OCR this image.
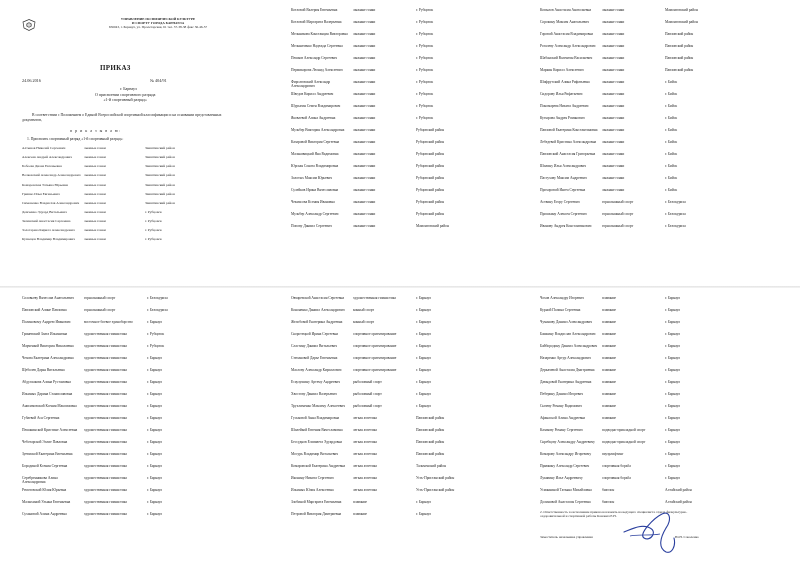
УПРАВЛЕНИЕ ПО ФИЗИЧЕСКОЙ КУЛЬТУРЕ
И СПОРТУ ГОРОДА БАРНАУЛА
656043, г. Барнаул, ул. Пролетарская, 61 тел. 37-38-38 факс 36-46-57
ПРИКАЗ
24.06.2016	№ 404/91
г. Барнаул
О присвоении спортивного разряда
«1-й спортивный разряд»
В соответствии с Положением о Единой Всероссийской спортивной классификации и на основании представленных документов,
п р и к а з ы в а ю:
1. Присвоить спортивный разряд «1-й спортивный разряд»:
Алтынов Николай Сергеевич	лыжные гонки	Заиштинский район
Алексеев Андрей Александрович	лыжные гонки	Заиштинский район
Бобоева Диана Евгеньевна	лыжные гонки	Заиштинский район
Волковский Александр Александрович	лыжные гонки	Заиштинский район
Комаровская Татьяна Юрьевна	лыжные гонки	Заиштинский район
Гришко Илья Евгеньевич	лыжные гонки	Заиштинский район
Симоненко Владислав Александрович	лыжные гонки	Заиштинский район
Демченко Эдуард Витальевич	лыжные гонки	г. Рубцовск
Зелинский Анастасия Сергеевна	лыжные гонки	г. Рубцовск
Золотарева Кирилл Александрович	лыжные гонки	г. Рубцовск
Кузнецов Владимир Владимирович	лыжные гонки	г. Рубцовск
Котловой Валерия Евгеньевна	лыжные гонки	г. Рубцовск
Котловой Маргарита Валерьевна	лыжные гонки	г. Рубцовск
Мельникова Констанция Викторовна	лыжные гонки	г. Рубцовск
Мельниченко Надежда Сергеевна	лыжные гонки	г. Рубцовск
Пешков Александр Сергеевич	лыжные гонки	г. Рубцовск
Пермикорова Леонид Алексеевич	лыжные гонки	г. Рубцовск
Фирсатовский Александр Александрович
лыжные гонки	г. Рубцовск
Шведов Кирилл Андреевич	лыжные гонки	г. Рубцовск
Шурыгин Семен Владимирович	лыжные гонки	г. Рубцовск
Яковлевой Алина Андреевна	лыжные гонки	г. Рубцовск
Мульбер Виктория Александровна	лыжные гонки	Рубцовский район
Казаровой Виктория Сергеевна	лыжные гонки	Рубцовский район
Мальковицкий Яна Вадимовна	лыжные гонки	Рубцовский район
Юрская Соната Владимировна	лыжные гонки	Рубцовский район
Золотых Максим Юрьевич	лыжные гонки	Рубцовский район
Сулейков Ирина Вячеславовна	лыжные гонки	Рубцовский район
Чекмасова Ксения Ивановна	лыжные гонки	Рубцовский район
Мульбер Александр Сергеевич	лыжные гонки	Рубцовский район
Попову Даниил Сергеевич	лыжные гонки	Мамонтовский район
Копылов Анастасия Анатольевна	лыжные гонки	Мамонтовский район
Сорокину Максим Анатольевич	лыжные гонки	Мамонтовский район
Горовой Анастасия Владимировна	лыжные гонки	Павловский район
Рогалеву Александр Александрович	лыжные гонки	Павловский район
Шабанский Валентин Васильевич	лыжные гонки	Павловский район
Маркин Кирилл Алексеевич	лыжные гонки	Павловский район
Шифрутский Алина Рифатьевна	лыжные гонки	г. Бийск
Сидорову Илья Рифатьевич	лыжные гонки	г. Бийск
Пономарева Никита Андреевич	лыжные гонки	г. Бийск
Кутырова Андрея Романович	лыжные гонки	г. Бийск
Павловой Екатерина Константиновна лыжные гонки	г. Бийск
Лебедевой Кристина Александровна	лыжные гонки	г. Бийск
Павловский Анастасия Григорьевна	лыжные гонки	г. Бийск
Шилину Илья Александрович	лыжные гонки	г. Бийск
Пастухову Максим Андреевич	лыжные гонки	г. Бийск
Прохоровой Ингеа Сергеевна	лыжные гонки	г. Бийск
Аствину Егору Сергеевич	горнолыжный спорт	г. Белокуриха
Прошкину Алексея Сергеевич	горнолыжный спорт	г. Белокуриха
Иванову Андрея Константинович	горнолыжный спорт	г. Белокуриха
Соловьеву Вячеслав Анатольевич	горнолыжный спорт	г. Белокуриха
Павловский Алине Павловна	горнолыжный спорт	г. Белокуриха
Полиновому Андрею Иванович	восточное боевое единоборство	г. Барнаул
Гриневский Злата Ильинична	художественная гимнастика	г. Рубцовск
Марченкой Виктория Николаевна	художественная гимнастика	г. Рубцовск
Чехова Екатерина Александровна	художественная гимнастика	г. Барнаул
Щеболев Дарья Витальевна	художественная гимнастика	г. Барнаул
Абдулхакова Алина Рустамовна	художественная гимнастика	г. Барнаул
Ильиных Дарина Станиславовна	художественная гимнастика	г. Барнаул
Анисимовской Ксения Максимовна	художественная гимнастика	г. Барнаул
Губаевой Ася Сергеевна	художественная гимнастика	г. Барнаул
Пешакинской Кристине Алексеевна	художественная гимнастика	г. Барнаул
Чеботарской Эллие Павловна	художественная гимнастика	г. Барнаул
Зуевиской Екатерина Евгеньевна	художественная гимнастика	г. Барнаул
Бородиной Ксения Сергеевна	художественная гимнастика	г. Барнаул
Серебренникова Алина Александровна
художественная гимнастика	г. Барнаул
Ремотовской Юлия Юрьевна	художественная гимнастика	г. Барнаул
Малыхиной Ульяна Евгеньевна	художественная гимнастика	г. Барнаул
Сухановой Алина Андреевна	художественная гимнастика	г. Барнаул
Овчаревской Анастасия Сергеевна	художественная гимнастика	г. Барнаул
Кононенко Даниил Александрович	конный спорт	г. Барнаул
Желобовой Екатерина Андреевна	конный спорт	г. Барнаул
Скоротецкой Ирина Сергеевна	спортивное ориентирование	г. Барнаул
Сластину Даниил Витальевич	спортивное ориентирование	г. Барнаул
Степановой Дарье Евгеньевна	спортивное ориентирование	г. Барнаул
Маслову Александр Кириллович	спортивное ориентирование	г. Барнаул
Есаулушину Артему Андреевич	рыболовный спорт	г. Барнаул
Хвостову Даниил Валерьевич	рыболовный спорт	г. Барнаул
Трухлименко Максиму Алексеевич	рыболовный спорт	г. Барнаул
Гуськовой Анна Владимировна	легкая атлетика	Павловский район
Шилейкой Евгения Вячеславовна	легкая атлетика	Павловский район
Бессуднов Елизавета Эдуардовна	легкая атлетика	Павловский район
Мосурь Владимир Витальевич	легкая атлетика	Павловский район
Комаровской Екатерина Андреевна	легкая атлетика	Тальменский район
Иконину Никита Сергеевич	легкая атлетика	Усть-Пристанский район
Ильиных Юлия Алексеевна	легкая атлетика	Усть-Пристанский район
Злобиной Маргарита Евгеньевна	плавание	г. Барнаул
Петровой Виктория Дмитриевна	плавание	г. Барнаул
Чохов Александру Игоревич	плавание	г. Барнаул
Курной Полина Сергеевна	плавание	г. Барнаул
Чуманову Даниил Александрович	плавание	г. Барнаул
Башкину Владислав Александрович	плавание	г. Барнаул
Байбородину Даниил Александрович плавание	г. Барнаул
Назаренко Артур Александрович	плавание	г. Барнаул
Деркачевой Анастасия Дмитриевна	плавание	г. Барнаул
Давыдовой Екатерина Андреевна	плавание	г. Барнаул
Пеберину Даниил Игоревич	плавание	г. Барнаул
Сычеву Роману Вадимович	плавание	г. Барнаул
Афанасьой Алина Андреевна	плавание	г. Барнаул
Казакову Роману Сергеевич	подводно-прикладной спорт	г. Барнаул
Скребцову Александру Андреевичу	подводно-прикладной спорт	г. Барнаул
Комарову Александру Игоревичу	пауэрлифтинг	г. Барнаул
Прявкину Александр Сергеевич	спортивная борьба	г. Барнаул
Лукавину Илье Андреевичу	спортивная борьба	г. Барнаул
Усманкиной Татьяна Михайловна	биатлон	Алтайский район
Долиновой Анастасия Сергеевна	биатлон	Алтайский район
2. Ответственность за исполнение приказа возложить на ведущего специалиста отдела физкультурно-оздоровительной и спортивной работы Канович Е.Н.
Заместитель начальника управления	Ю.Н. Соколенко
